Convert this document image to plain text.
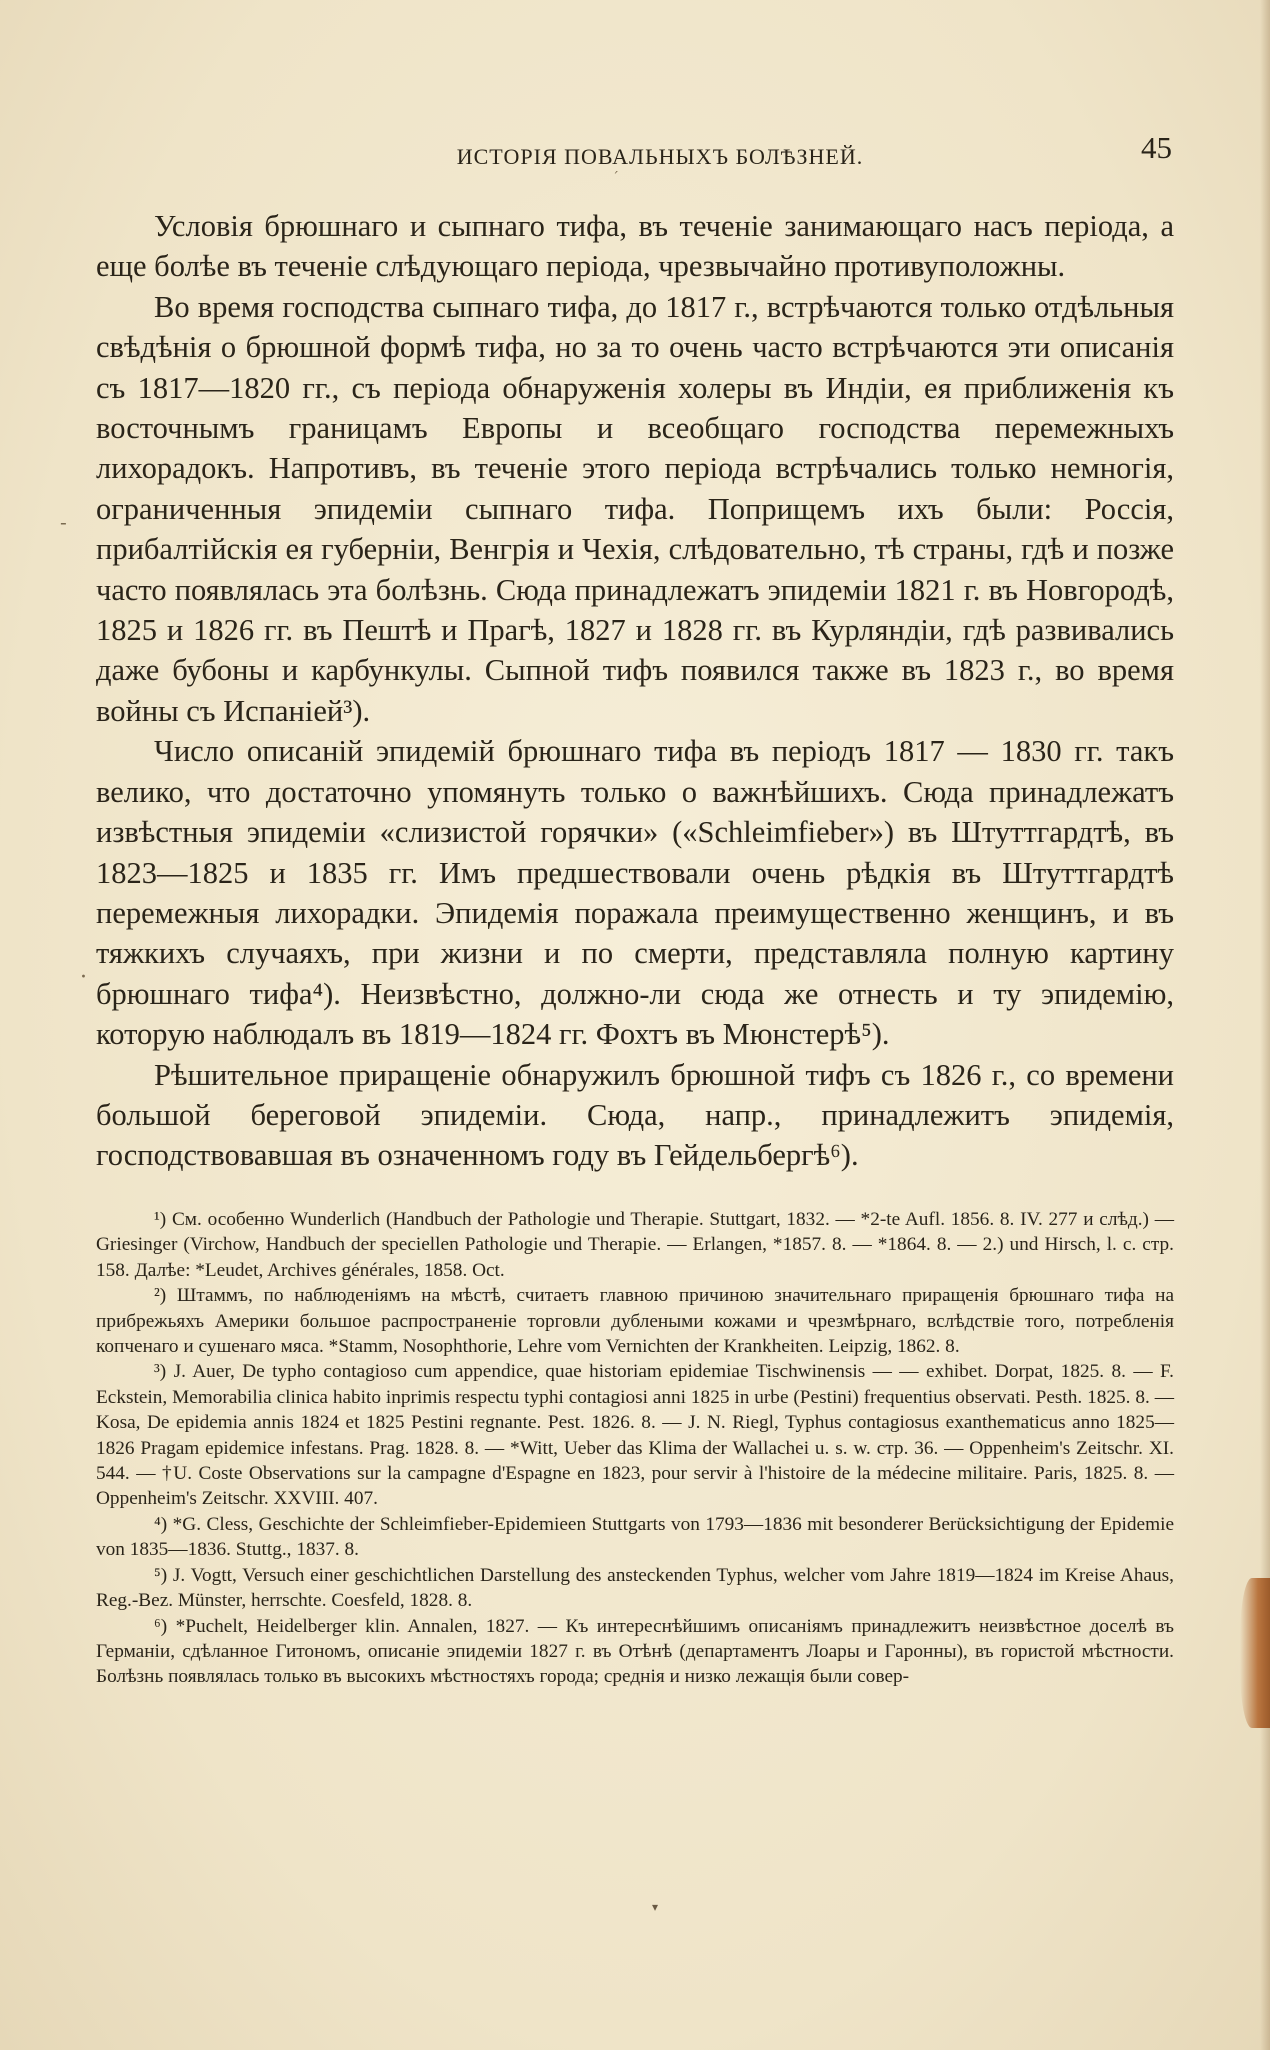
ИСТОРІЯ ПОВАЛЬНЫХЪ БОЛѢЗНЕЙ.	45
ˊ
-
·

Условія брюшнаго и сыпнаго тифа, въ теченіе занимающаго насъ періода, а еще болѣе въ теченіе слѣдующаго періода, чрезвычайно противуположны.

Во время господства сыпнаго тифа, до 1817 г., встрѣчаются только отдѣльныя свѣдѣнія о брюшной формѣ тифа, но за то очень часто встрѣчаются эти описанія съ 1817—1820 гг., съ періода обнаруженія холеры въ Индіи, ея приближенія къ восточнымъ границамъ Европы и всеобщаго господства перемежныхъ лихорадокъ. Напротивъ, въ теченіе этого періода встрѣчались только немногія, ограниченныя эпидеміи сыпнаго тифа. Поприщемъ ихъ были: Россія, прибалтійскія ея губерніи, Венгрія и Чехія, слѣдовательно, тѣ страны, гдѣ и позже часто появлялась эта болѣзнь. Сюда принадлежатъ эпидеміи 1821 г. въ Новгородѣ, 1825 и 1826 гг. въ Пештѣ и Прагѣ, 1827 и 1828 гг. въ Курляндіи, гдѣ развивались даже бубоны и карбункулы. Сыпной тифъ появился также въ 1823 г., во время войны съ Испаніей³).

Число описаній эпидемій брюшнаго тифа въ періодъ 1817 — 1830 гг. такъ велико, что достаточно упомянуть только о важнѣйшихъ. Сюда принадлежатъ извѣстныя эпидеміи «слизистой горячки» («Schleimfieber») въ Штуттгардтѣ, въ 1823—1825 и 1835 гг. Имъ предшествовали очень рѣдкія въ Штуттгардтѣ перемежныя лихорадки. Эпидемія поражала преимущественно женщинъ, и въ тяжкихъ случаяхъ, при жизни и по смерти, представляла полную картину брюшнаго тифа⁴). Неизвѣстно, должно-ли сюда же отнесть и ту эпидемію, которую наблюдалъ въ 1819—1824 гг. Фохтъ въ Мюнстерѣ⁵).

Рѣшительное приращеніе обнаружилъ брюшной тифъ съ 1826 г., со времени большой береговой эпидеміи. Сюда, напр., принадлежитъ эпидемія, господствовавшая въ означенномъ году въ Гейдельбергѣ⁶).

¹) См. особенно Wunderlich (Handbuch der Pathologie und Therapie. Stuttgart, 1832. — *2-te Aufl. 1856. 8. IV. 277 и слѣд.) — Griesinger (Virchow, Handbuch der speciellen Pathologie und Therapie. — Erlangen, *1857. 8. — *1864. 8. — 2.) und Hirsch, l. c. стр. 158. Далѣе: *Leudet, Archives générales, 1858. Oct.

²) Штаммъ, по наблюденіямъ на мѣстѣ, считаетъ главною причиною значительнаго приращенія брюшнаго тифа на прибрежьяхъ Америки большое распространеніе торговли дублеными кожами и чрезмѣрнаго, вслѣдствіе того, потребленія копченаго и сушенаго мяса. *Stamm, Nosophthorie, Lehre vom Vernichten der Krankheiten. Leipzig, 1862. 8.

³) J. Auer, De typho contagioso cum appendice, quae historiam epidemiae Tischwinensis — — exhibet. Dorpat, 1825. 8. — F. Eckstein, Memorabilia clinica habito inprimis respectu typhi contagiosi anni 1825 in urbe (Pestini) frequentius observati. Pesth. 1825. 8. — Kosa, De epidemia annis 1824 et 1825 Pestini regnante. Pest. 1826. 8. — J. N. Riegl, Typhus contagiosus exanthematicus anno 1825—1826 Pragam epidemice infestans. Prag. 1828. 8. — *Witt, Ueber das Klima der Wallachei u. s. w. стр. 36. — Oppenheim's Zeitschr. XI. 544. — †U. Coste Observations sur la campagne d'Espagne en 1823, pour servir à l'histoire de la médecine militaire. Paris, 1825. 8. — Oppenheim's Zeitschr. XXVIII. 407.

⁴) *G. Cless, Geschichte der Schleimfieber-Epidemieen Stuttgarts von 1793—1836 mit besonderer Berücksichtigung der Epidemie von 1835—1836. Stuttg., 1837. 8.

⁵) J. Vogtt, Versuch einer geschichtlichen Darstellung des ansteckenden Typhus, welcher vom Jahre 1819—1824 im Kreise Ahaus, Reg.-Bez. Münster, herrschte. Coesfeld, 1828. 8.

⁶) *Puchelt, Heidelberger klin. Annalen, 1827. — Къ интереснѣйшимъ описаніямъ принадлежитъ неизвѣстное доселѣ въ Германіи, сдѣланное Гитономъ, описаніе эпидеміи 1827 г. въ Отѣнѣ (департаментъ Лоары и Гаронны), въ гористой мѣстности. Болѣзнь появлялась только въ высокихъ мѣстностяхъ города; среднія и низко лежащія были совер-

▾
